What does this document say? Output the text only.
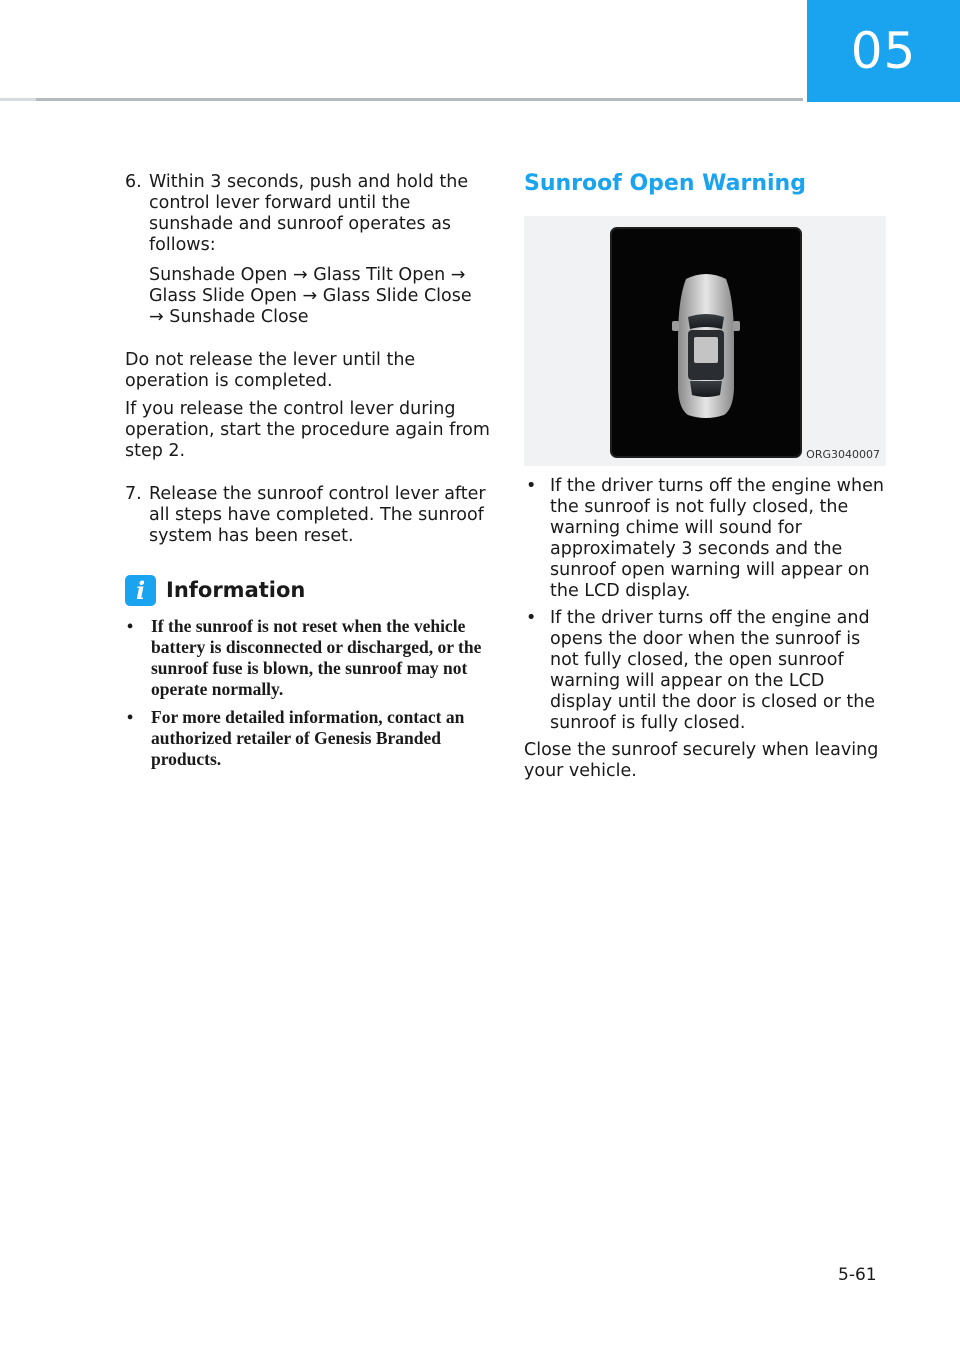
05
6. Within 3 seconds, push and hold the control lever forward until the sunshade and sunroof operates as follows:

Sunshade Open → Glass Tilt Open → Glass Slide Open → Glass Slide Close → Sunshade Close

Do not release the lever until the operation is completed.

If you release the control lever during operation, start the procedure again from step 2.

7. Release the sunroof control lever after all steps have completed. The sunroof system has been reset.

i Information
•	If the sunroof is not reset when the vehicle battery is disconnected or discharged, or the sunroof fuse is blown, the sunroof may not operate normally.
•	For more detailed information, contact an authorized retailer of Genesis Branded products.
Sunroof Open Warning
ORG3040007
• If the driver turns off the engine when the sunroof is not fully closed, the warning chime will sound for approximately 3 seconds and the sunroof open warning will appear on the LCD display.
• If the driver turns off the engine and opens the door when the sunroof is not fully closed, the open sunroof warning will appear on the LCD display until the door is closed or the sunroof is fully closed.

Close the sunroof securely when leaving your vehicle.

5-61
